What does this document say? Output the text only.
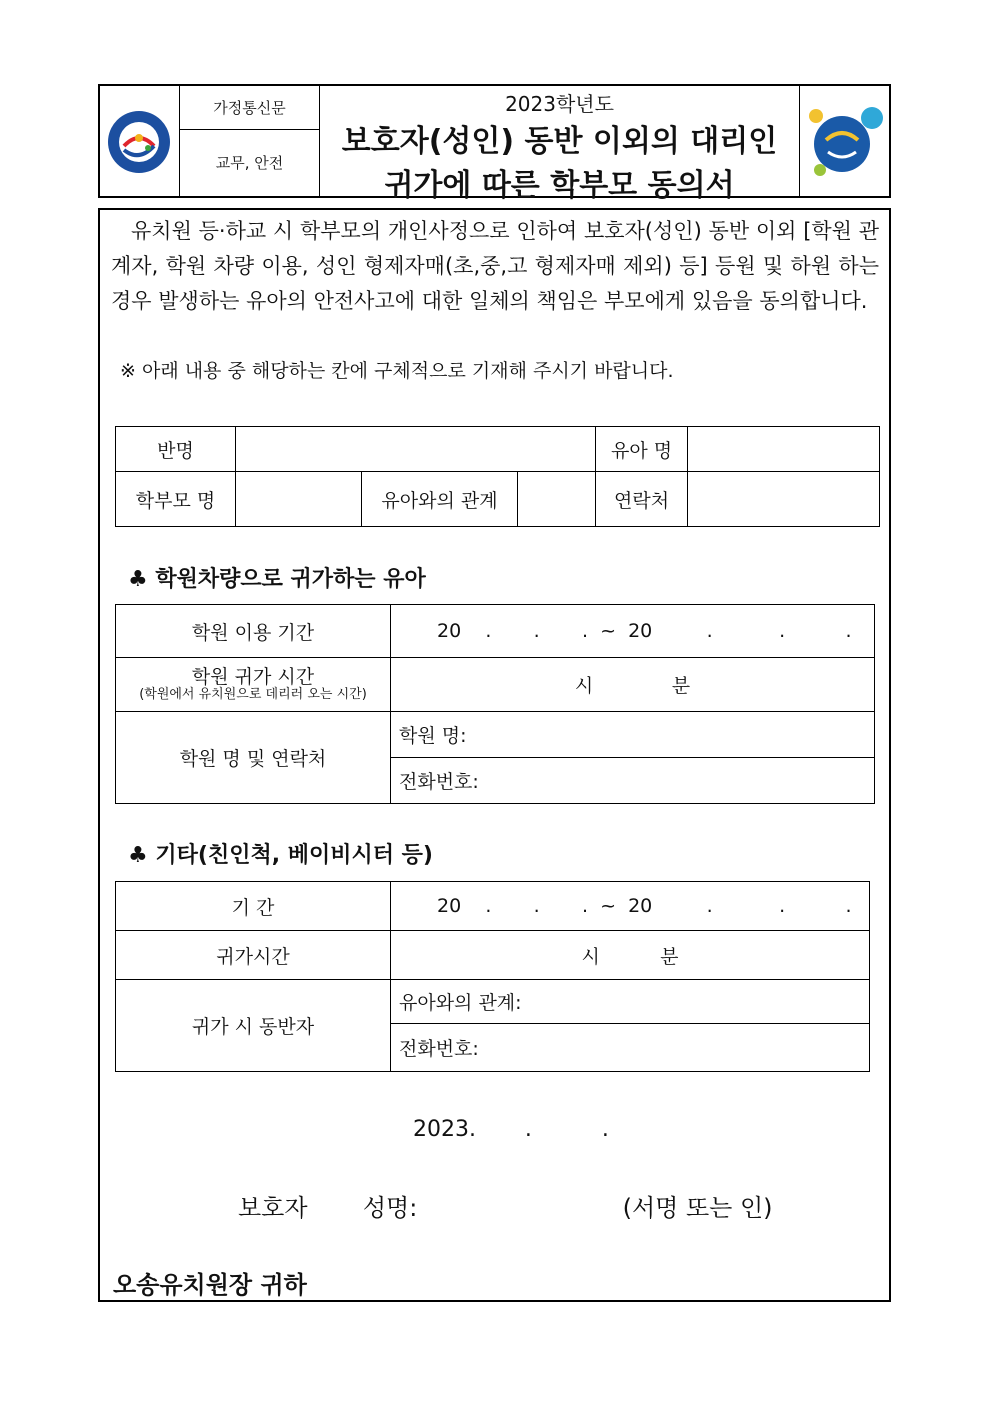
가정통신문
교무, 안전
2023학년도
보호자(성인) 동반 이외의 대리인
귀가에 따른 학부모 동의서
유치원 등·하교 시 학부모의 개인사정으로 인하여 보호자(성인) 동반 이외 [학원 관계자, 학원 차량 이용, 성인 형제자매(초,중,고 형제자매 제외) 등] 등원 및 하원 하는 경우 발생하는 유아의 안전사고에 대한 일체의 책임은 부모에게 있음을 동의합니다.
※ 아래 내용 중 해당하는 칸에 구체적으로 기재해 주시기 바랍니다.
반명				유아 명	
학부모 명		유아와의 관계		연락처	
♣ 학원차량으로 귀가하는 유아
학원 이용 기간	20    .       .       .  ~  20         .           .          .
학원 귀가 시간
(학원에서 유치원으로 데리러 오는 시간)	시             분
학원 명 및 연락처	학원 명:
	전화번호:
♣ 기타(친인척, 베이비시터 등)
기 간	20    .       .       .  ~  20         .           .          .
귀가시간	시          분
귀가 시 동반자	유아와의 관계:
	전화번호:
2023.       .          .
보호자 성명:	(서명 또는 인)
오송유치원장 귀하
